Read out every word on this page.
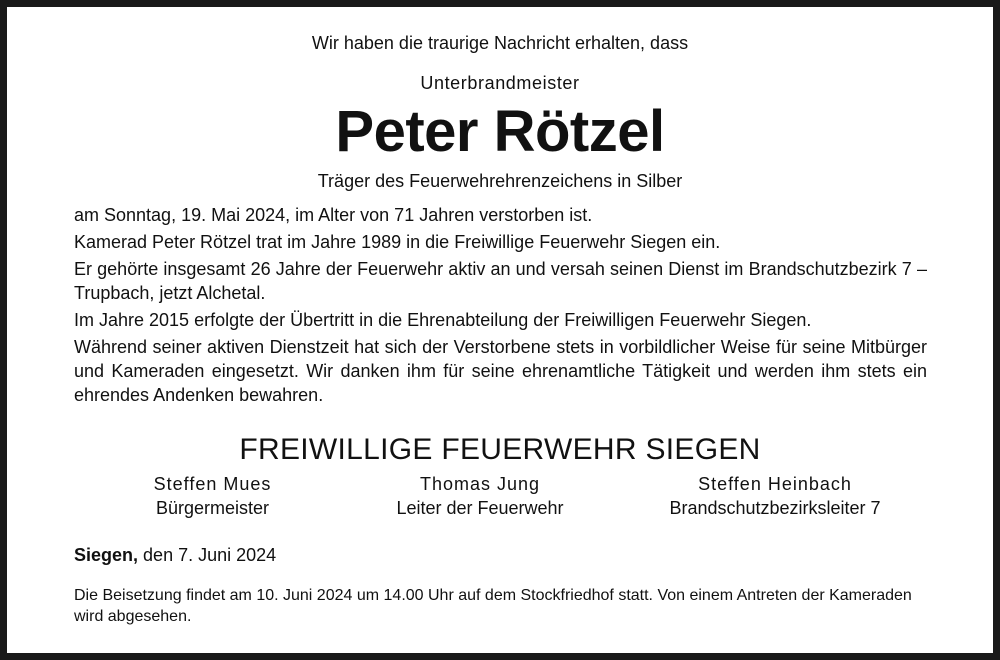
Wir haben die traurige Nachricht erhalten, dass
Unterbrandmeister
Peter Rötzel
Träger des Feuerwehrehrenzeichens in Silber

am Sonntag, 19. Mai 2024, im Alter von 71 Jahren verstorben ist.

Kamerad Peter Rötzel trat im Jahre 1989 in die Freiwillige Feuerwehr Siegen ein.

Er gehörte insgesamt 26 Jahre der Feuerwehr aktiv an und versah seinen Dienst im Brandschutzbezirk 7 – Trupbach, jetzt Alchetal.

Im Jahre 2015 erfolgte der Übertritt in die Ehrenabteilung der Freiwilligen Feuerwehr Siegen.

Während seiner aktiven Dienstzeit hat sich der Verstorbene stets in vorbildlicher Weise für seine Mitbürger und Kameraden eingesetzt. Wir danken ihm für seine ehrenamtliche Tätigkeit und werden ihm stets ein ehrendes Andenken bewahren.

FREIWILLIGE FEUERWEHR SIEGEN
Steffen Mues
Bürgermeister
Thomas Jung
Leiter der Feuerwehr
Steffen Heinbach
Brandschutzbezirksleiter 7
Siegen, den 7. Juni 2024
Die Beisetzung findet am 10. Juni 2024 um 14.00 Uhr auf dem Stockfriedhof statt. Von einem Antreten der Kameraden wird abgesehen.
